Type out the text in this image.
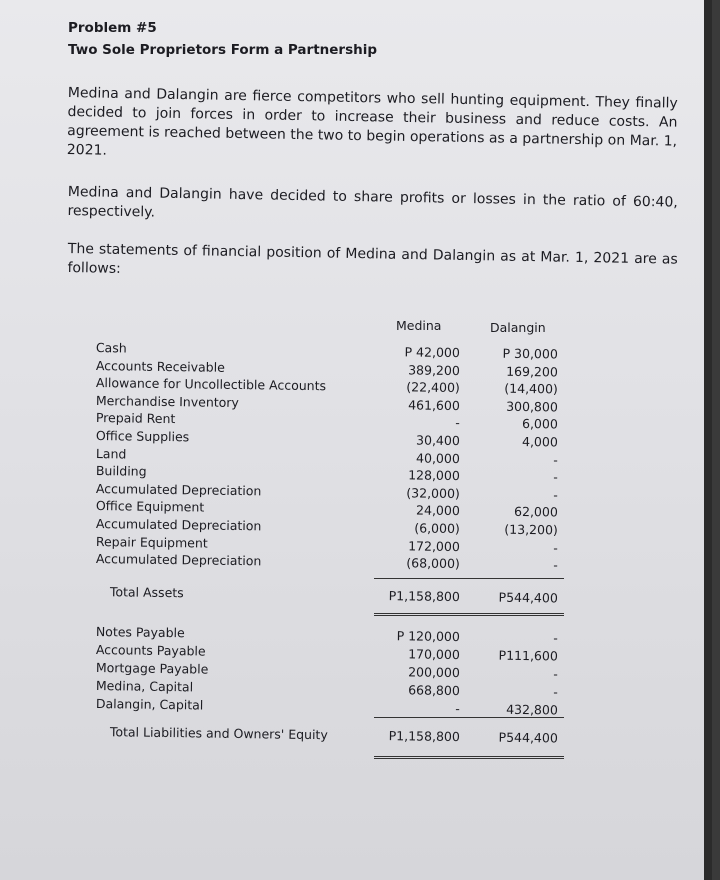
Problem #5
Two Sole Proprietors Form a Partnership
Medina and Dalangin are fierce competitors who sell hunting equipment. They finally decided to join forces in order to increase their business and reduce costs. An agreement is reached between the two to begin operations as a partnership on Mar. 1, 2021.
Medina and Dalangin have decided to share profits or losses in the ratio of 60:40, respectively.
The statements of financial position of Medina and Dalangin as at Mar. 1, 2021 are as follows:
Medina	Dalangin
Cash	P 42,000	P 30,000
Accounts Receivable	389,200	169,200
Allowance for Uncollectible Accounts	(22,400)	(14,400)
Merchandise Inventory	461,600	300,800
Prepaid Rent	-	6,000
Office Supplies	30,400	4,000
Land	40,000	-
Building	128,000	-
Accumulated Depreciation	(32,000)	-
Office Equipment	24,000	62,000
Accumulated Depreciation	(6,000)	(13,200)
Repair Equipment	172,000	-
Accumulated Depreciation	(68,000)	-
Total Assets	P1,158,800	P544,400
Notes Payable	P 120,000	-
Accounts Payable	170,000	P111,600
Mortgage Payable	200,000	-
Medina, Capital	668,800	-
Dalangin, Capital	-	432,800
Total Liabilities and Owners' Equity	P1,158,800	P544,400
